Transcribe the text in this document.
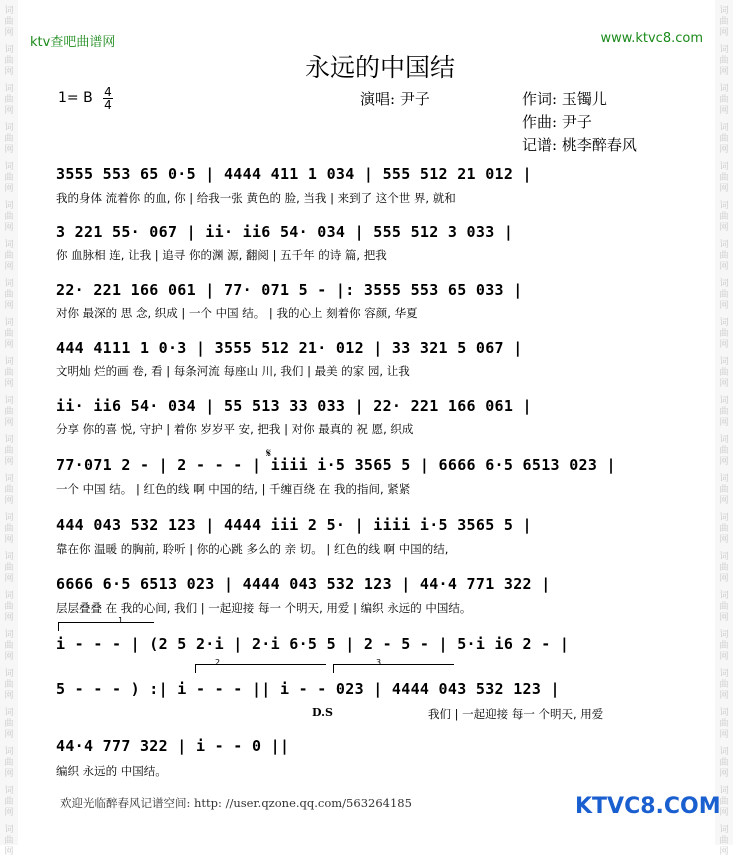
词 曲 网
词 曲 网
词 曲 网
词 曲 网
词 曲 网
词 曲 网
词 曲 网
词 曲 网
词 曲 网
词 曲 网
词 曲 网
词 曲 网
词 曲 网
词 曲 网
词 曲 网
词 曲 网
词 曲 网
词 曲 网
词 曲 网
词 曲 网
词 曲 网
词 曲 网
词 曲 网
词 曲 网
词 曲 网
词 曲 网
词 曲 网
词 曲 网
词 曲 网
词 曲 网
词 曲 网
词 曲 网
词 曲 网
词 曲 网
词 曲 网
词 曲 网
词 曲 网
词 曲 网
词 曲 网
词 曲 网
词 曲 网
词 曲 网
词 曲 网
词 曲 网
ktv查吧曲谱网	www.ktvc8.com
永远的中国结
1= B $\frac{4}{4}$	演唱: 尹子	作词: 玉镯儿
作曲: 尹子
记谱: 桃李醉春风
3555 553 65 0·5 | 4444 411 1 034 | 555 512 21 012 |
我的身体 流着你 的血, 你 | 给我一张 黄色的 脸, 当我 | 来到了 这个世 界, 就和
3 221 55· 067 | ii· ii6 54· 034 | 555 512 3 033 |
你 血脉相 连, 让我 | 追寻 你的渊 源, 翻阅 | 五千年 的诗 篇, 把我
22· 221 166 061 | 77· 071 5 - |: 3555 553 65 033 |
对你 最深的 思 念, 织成 | 一个 中国 结。 | 我的心上 刻着你 容颜, 华夏
444 4111 1 0·3 | 3555 512 21· 012 | 33 321 5 067 |
文明灿 烂的画 卷, 看 | 每条河流 每座山 川, 我们 | 最美 的家 园, 让我
ii· ii6 54· 034 | 55 513 33 033 | 22· 221 166 061 |
分享 你的喜 悦, 守护 | 着你 岁岁平 安, 把我 | 对你 最真的 祝 愿, 织成
𝄋
77·071 2 - | 2 - - - | iiii i·5 3565 5 | 6666 6·5 6513 023 |
一个 中国 结。 | 红色的线 啊 中国的结, | 千缠百绕 在 我的指间, 紧紧
444 043 532 123 | 4444 iii 2 5· | iiii i·5 3565 5 |
靠在你 温暖 的胸前, 聆听 | 你的心跳 多么的 亲 切。 | 红色的线 啊 中国的结,
6666 6·5 6513 023 | 4444 043 532 123 | 44·4 771 322 |
层层叠叠 在 我的心间, 我们 | 一起迎接 每一 个明天, 用爱 | 编织 永远的 中国结。
1
i - - - | (2 5 2·i | 2·i 6·5 5 | 2 - 5 - | 5·i i6 2 - |
2	3
5 - - - ) :| i - - - || i - - 023 | 4444 043 532 123 |
D.S	我们 | 一起迎接 每一 个明天, 用爱
44·4 777 322 | i - - 0 ||
编织 永远的 中国结。
欢迎光临醉春风记谱空间: http: //user.qzone.qq.com/563264185	KTVC8.COM
